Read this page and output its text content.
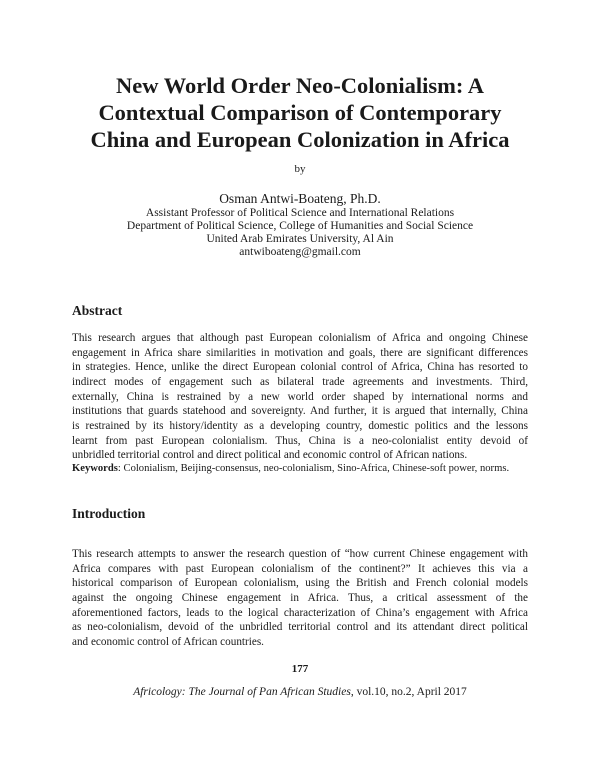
New World Order Neo-Colonialism: A
Contextual Comparison of Contemporary
China and European Colonization in Africa
by
Osman Antwi-Boateng, Ph.D.
Assistant Professor of Political Science and International Relations
Department of Political Science, College of Humanities and Social Science
United Arab Emirates University, Al Ain
antwiboateng@gmail.com
Abstract
This research argues that although past European colonialism of Africa and ongoing Chinese
engagement in Africa share similarities in motivation and goals, there are significant differences
in strategies. Hence, unlike the direct European colonial control of Africa, China has resorted to
indirect modes of engagement such as bilateral trade agreements and investments. Third,
externally, China is restrained by a new world order shaped by international norms and
institutions that guards statehood and sovereignty. And further, it is argued that internally, China
is restrained by its history/identity as a developing country, domestic politics and the lessons
learnt from past European colonialism. Thus, China is a neo-colonialist entity devoid of
unbridled territorial control and direct political and economic control of African nations.
Keywords: Colonialism, Beijing-consensus, neo-colonialism, Sino-Africa, Chinese-soft power, norms.
Introduction
This research attempts to answer the research question of “how current Chinese engagement with
Africa compares with past European colonialism of the continent?” It achieves this via a
historical comparison of European colonialism, using the British and French colonial models
against the ongoing Chinese engagement in Africa. Thus, a critical assessment of the
aforementioned factors, leads to the logical characterization of China’s engagement with Africa
as neo-colonialism, devoid of the unbridled territorial control and its attendant direct political
and economic control of African countries.
177
Africology: The Journal of Pan African Studies, vol.10, no.2, April 2017
